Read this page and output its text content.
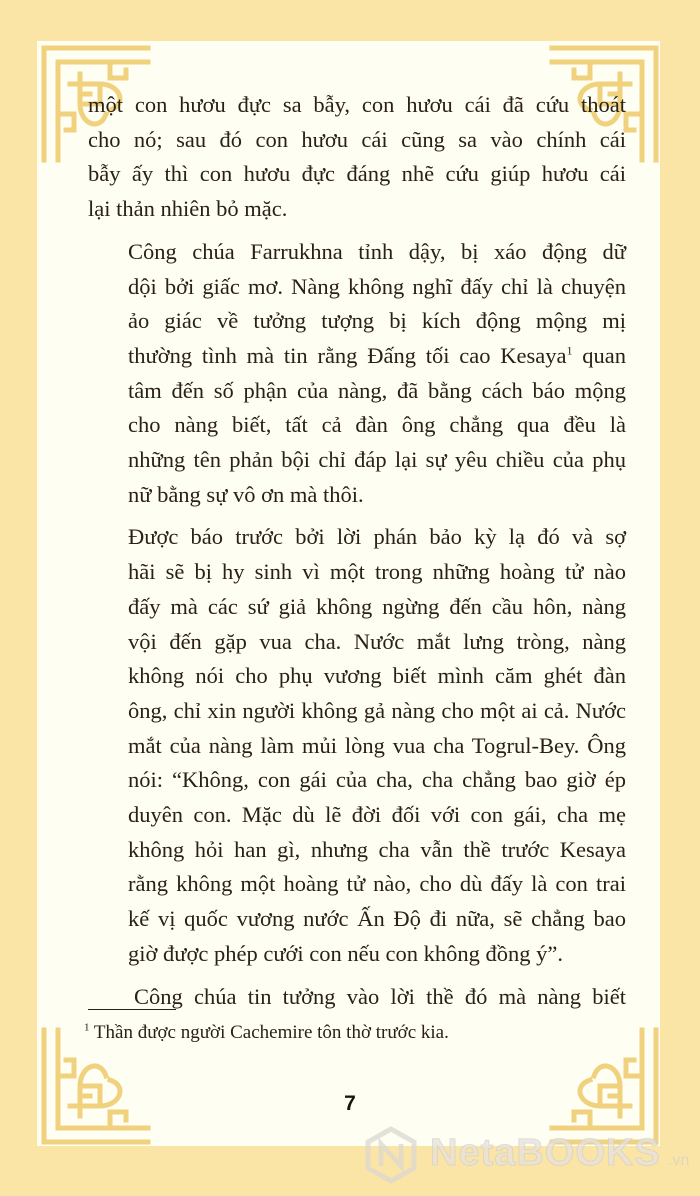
một con hươu đực sa bẫy, con hươu cái đã cứu thoát
cho nó; sau đó con hươu cái cũng sa vào chính cái
bẫy ấy thì con hươu đực đáng nhẽ cứu giúp hươu cái
lại thản nhiên bỏ mặc.

Công chúa Farrukhna tỉnh dậy, bị xáo động dữ
dội bởi giấc mơ. Nàng không nghĩ đấy chỉ là chuyện
ảo giác về tưởng tượng bị kích động mộng mị
thường tình mà tin rằng Đấng tối cao Kesaya$^1$ quan
tâm đến số phận của nàng, đã bằng cách báo mộng
cho nàng biết, tất cả đàn ông chẳng qua đều là
những tên phản bội chỉ đáp lại sự yêu chiều của phụ
nữ bằng sự vô ơn mà thôi.

Được báo trước bởi lời phán bảo kỳ lạ đó và sợ
hãi sẽ bị hy sinh vì một trong những hoàng tử nào
đấy mà các sứ giả không ngừng đến cầu hôn, nàng
vội đến gặp vua cha. Nước mắt lưng tròng, nàng
không nói cho phụ vương biết mình căm ghét đàn
ông, chỉ xin người không gả nàng cho một ai cả. Nước
mắt của nàng làm mủi lòng vua cha Togrul-Bey. Ông
nói: “Không, con gái của cha, cha chẳng bao giờ ép
duyên con. Mặc dù lẽ đời đối với con gái, cha mẹ
không hỏi han gì, nhưng cha vẫn thề trước Kesaya
rằng không một hoàng tử nào, cho dù đấy là con trai
kế vị quốc vương nước Ấn Độ đi nữa, sẽ chẳng bao
giờ được phép cưới con nếu con không đồng ý”.

Công chúa tin tưởng vào lời thề đó mà nàng biết

$^1$ Thần được người Cachemire tôn thờ trước kia.
7
NetaBOOKS .vn
